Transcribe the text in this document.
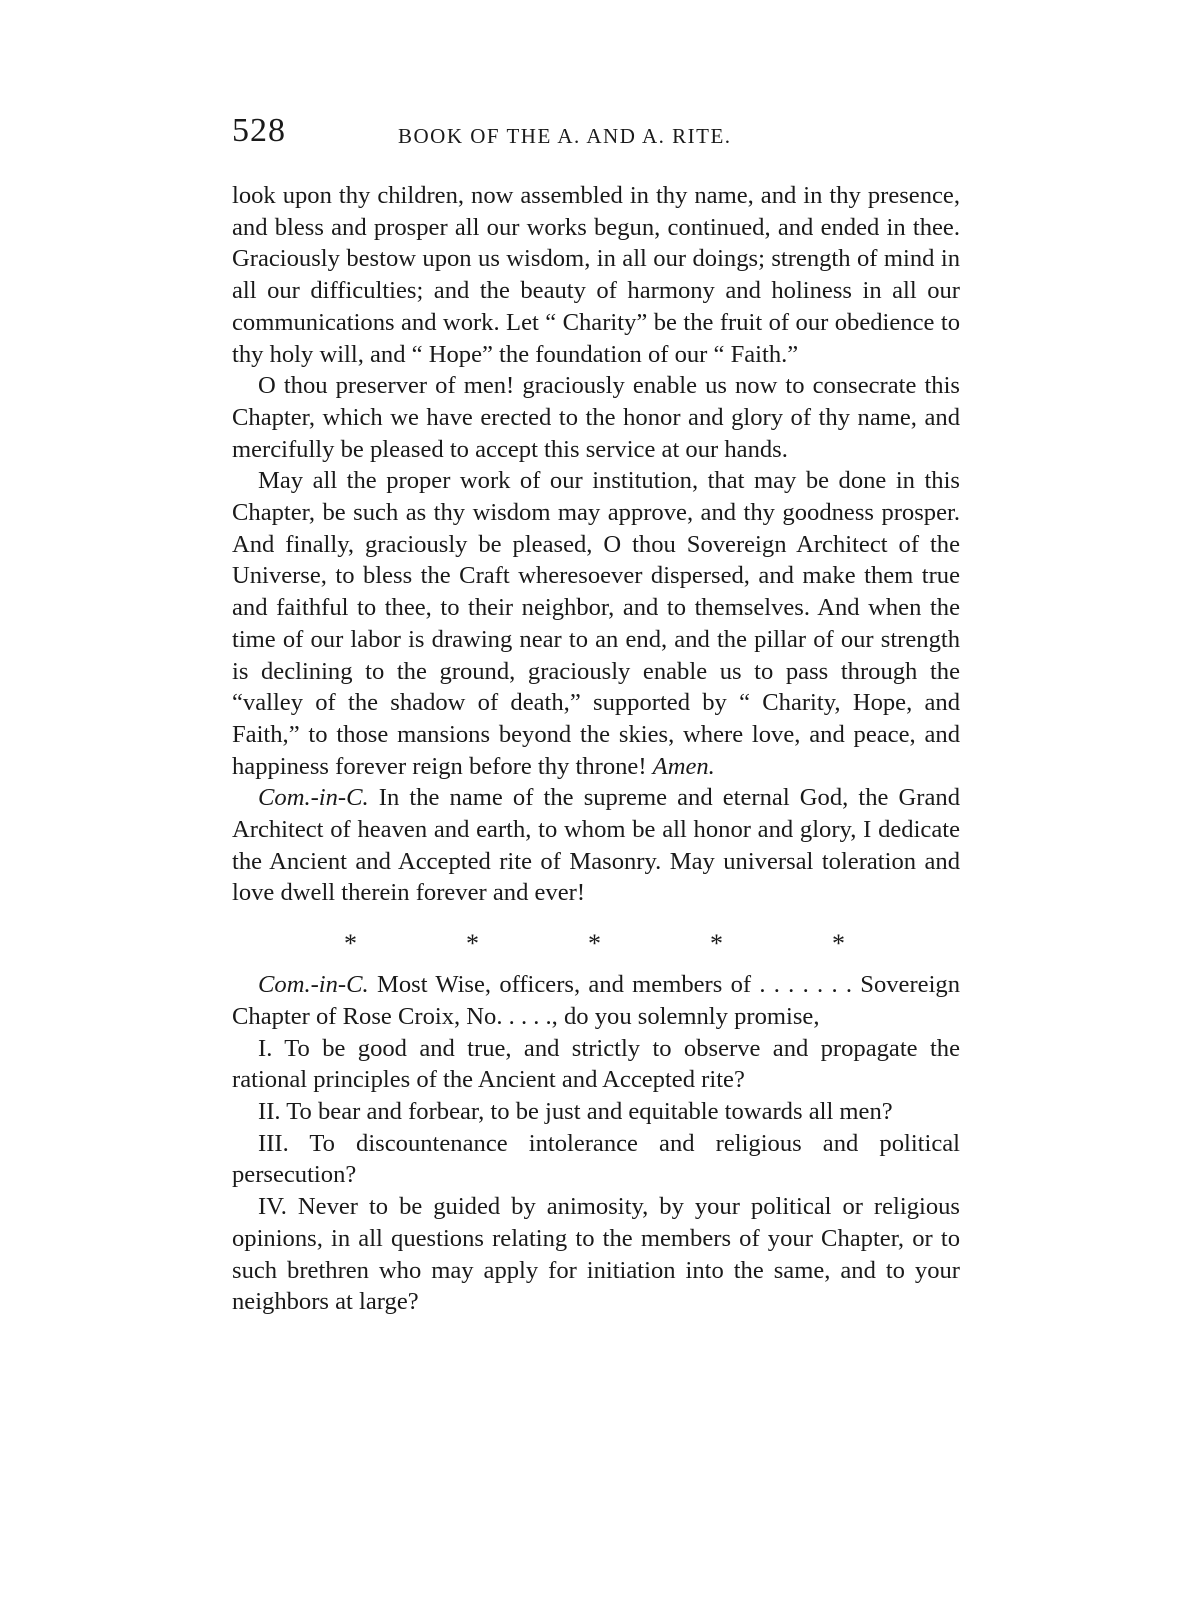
528	BOOK OF THE A. AND A. RITE.

look upon thy children, now assembled in thy name, and in thy presence, and bless and prosper all our works begun, continued, and ended in thee. Graciously bestow upon us wisdom, in all our doings; strength of mind in all our difficulties; and the beauty of harmony and holiness in all our communications and work. Let “ Charity” be the fruit of our obedience to thy holy will, and “ Hope” the foundation of our “ Faith.”

O thou preserver of men! graciously enable us now to consecrate this Chapter, which we have erected to the honor and glory of thy name, and mercifully be pleased to accept this service at our hands.

May all the proper work of our institution, that may be done in this Chapter, be such as thy wisdom may approve, and thy goodness prosper. And finally, graciously be pleased, O thou Sovereign Architect of the Universe, to bless the Craft wheresoever dispersed, and make them true and faithful to thee, to their neighbor, and to themselves. And when the time of our labor is drawing near to an end, and the pillar of our strength is declining to the ground, graciously enable us to pass through the “valley of the shadow of death,” supported by “ Charity, Hope, and Faith,” to those mansions beyond the skies, where love, and peace, and happiness forever reign before thy throne! Amen.

Com.-in-C. In the name of the supreme and eternal God, the Grand Architect of heaven and earth, to whom be all honor and glory, I dedicate the Ancient and Accepted rite of Masonry. May universal toleration and love dwell therein forever and ever!

*	*	*	*	*

Com.-in-C. Most Wise, officers, and members of . . . . . . . Sovereign Chapter of Rose Croix, No. . . . ., do you solemnly promise,

I. To be good and true, and strictly to observe and propagate the rational principles of the Ancient and Accepted rite?

II. To bear and forbear, to be just and equitable towards all men?

III. To discountenance intolerance and religious and political persecution?

IV. Never to be guided by animosity, by your political or religious opinions, in all questions relating to the members of your Chapter, or to such brethren who may apply for initiation into the same, and to your neighbors at large?
